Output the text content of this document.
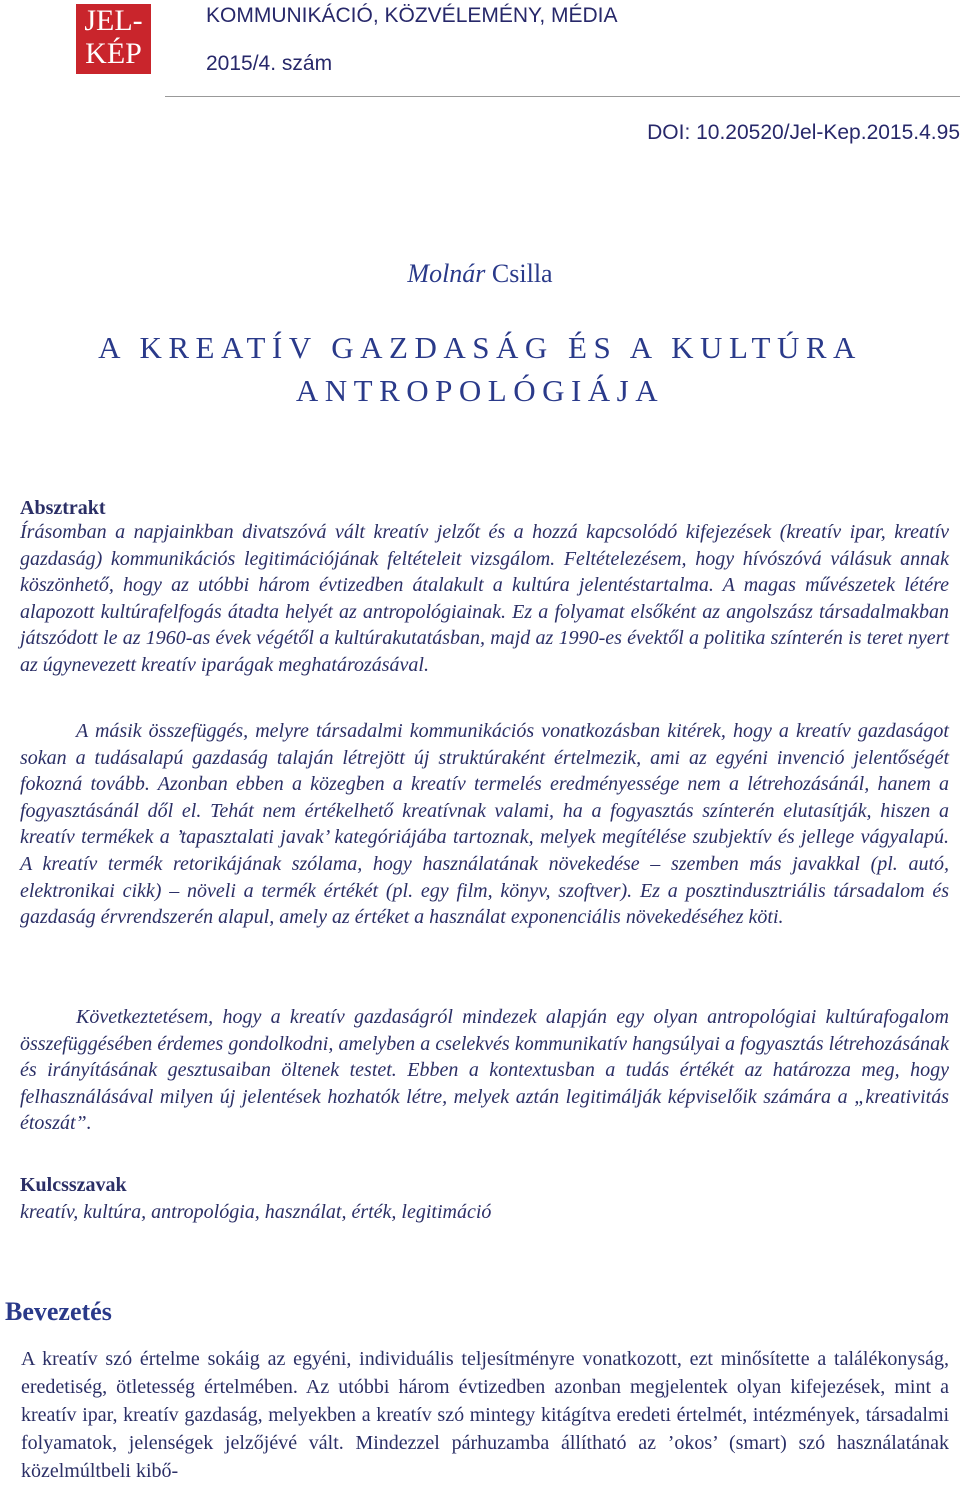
JEL-
KÉP
KOMMUNIKÁCIÓ, KÖZVÉLEMÉNY, MÉDIA
2015/4. szám
DOI: 10.20520/Jel-Kep.2015.4.95
Molnár Csilla
A KREATÍV GAZDASÁG ÉS A KULTÚRA
ANTROPOLÓGIÁJA
Absztrakt

Írásomban a napjainkban divatszóvá vált kreatív jelzőt és a hozzá kapcsolódó kifejezések (kreatív ipar, kreatív gazdaság) kommunikációs legitimációjának feltételeit vizsgálom. Feltételezésem, hogy hívószóvá válásuk annak köszönhető, hogy az utóbbi három évtizedben átalakult a kultúra jelentéstartalma. A magas művészetek létére alapozott kultúrafelfogás átadta helyét az antropológiainak. Ez a folyamat elsőként az angolszász társadalmakban játszódott le az 1960-as évek végétől a kultúrakutatásban, majd az 1990-es évektől a politika színterén is teret nyert az úgynevezett kreatív iparágak meghatározásával.

A másik összefüggés, melyre társadalmi kommunikációs vonatkozásban kitérek, hogy a kreatív gazdaságot sokan a tudásalapú gazdaság talaján létrejött új struktúraként értelmezik, ami az egyéni invenció jelentőségét fokozná tovább. Azonban ebben a közegben a kreatív termelés eredményessége nem a létrehozásánál, hanem a fogyasztásánál dől el. Tehát nem értékelhető kreatívnak valami, ha a fogyasztás színterén elutasítják, hiszen a kreatív termékek a ’tapasztalati javak’ kategóriájába tartoznak, melyek megítélése szubjektív és jellege vágyalapú. A kreatív termék retorikájának szólama, hogy használatának növekedése – szemben más javakkal (pl. autó, elektronikai cikk) – növeli a termék értékét (pl. egy film, könyv, szoftver). Ez a posztindusztriális társadalom és gazdaság érvrendszerén alapul, amely az értéket a használat exponenciális növekedéséhez köti.

Következtetésem, hogy a kreatív gazdaságról mindezek alapján egy olyan antropológiai kultúrafogalom összefüggésében érdemes gondolkodni, amelyben a cselekvés kommunikatív hangsúlyai a fogyasztás létrehozásának és irányításának gesztusaiban öltenek testet. Ebben a kontextusban a tudás értékét az határozza meg, hogy felhasználásával milyen új jelentések hozhatók létre, melyek aztán legitimálják képviselőik számára a „kreativitás étoszát”.

Kulcsszavak
kreatív, kultúra, antropológia, használat, érték, legitimáció
Bevezetés

A kreatív szó értelme sokáig az egyéni, individuális teljesítményre vonatkozott, ezt minősítette a találékonyság, eredetiség, ötletesség értelmében. Az utóbbi három évtizedben azonban megjelentek olyan kifejezések, mint a kreatív ipar, kreatív gazdaság, melyekben a kreatív szó mintegy kitágítva eredeti értelmét, intézmények, társadalmi folyamatok, jelenségek jelzőjévé vált. Mindezzel párhuzamba állítható az ’okos’ (smart) szó használatának közelmúltbeli kibő-
